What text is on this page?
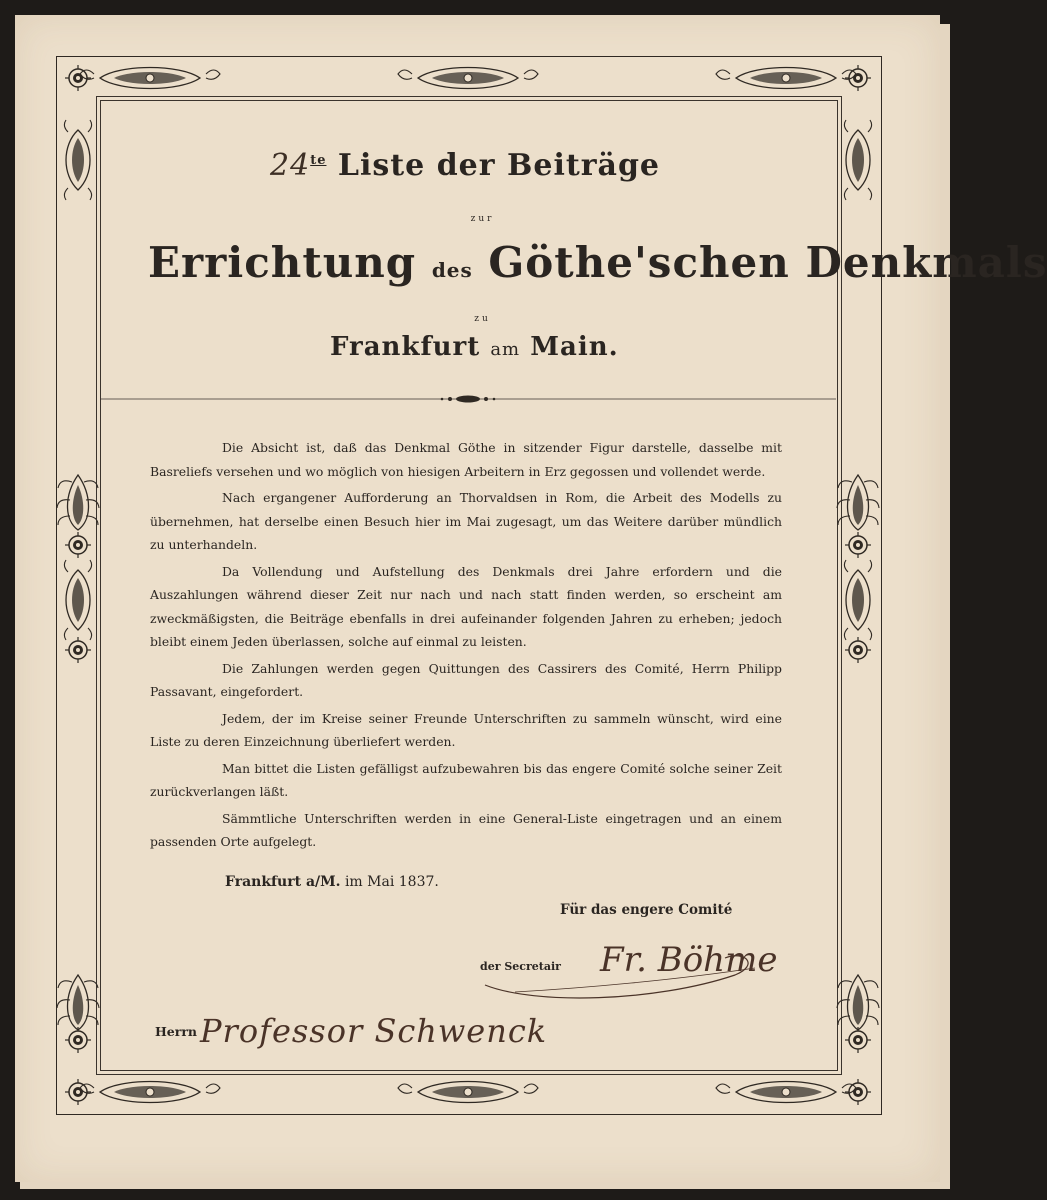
$24^{te}$ Liste der Beiträge
zur
Errichtung des Göthe'schen Denkmals
zu
Frankfurt am Main.

Die Absicht ist, daß das Denkmal Göthe in sitzender Figur darstelle, dasselbe mit Basreliefs versehen und wo möglich von hiesigen Arbeitern in Erz gegossen und vollendet werde.

Nach ergangener Aufforderung an Thorvaldsen in Rom, die Arbeit des Modells zu übernehmen, hat derselbe einen Besuch hier im Mai zugesagt, um das Weitere darüber mündlich zu unterhandeln.

Da Vollendung und Aufstellung des Denkmals drei Jahre erfordern und die Auszahlungen während dieser Zeit nur nach und nach statt finden werden, so erscheint am zweckmäßigsten, die Beiträge ebenfalls in drei aufeinander folgenden Jahren zu erheben; jedoch bleibt einem Jeden überlassen, solche auf einmal zu leisten.

Die Zahlungen werden gegen Quittungen des Cassirers des Comité, Herrn Philipp Passavant, eingefordert.

Jedem, der im Kreise seiner Freunde Unterschriften zu sammeln wünscht, wird eine Liste zu deren Einzeichnung überliefert werden.

Man bittet die Listen gefälligst aufzubewahren bis das engere Comité solche seiner Zeit zurückverlangen läßt.

Sämmtliche Unterschriften werden in eine General-Liste eingetragen und an einem passenden Orte aufgelegt.

Frankfurt a/M. im Mai 1837.
Für das engere Comité
der Secretair Fr. Böhme
Herrn Professor Schwenck
